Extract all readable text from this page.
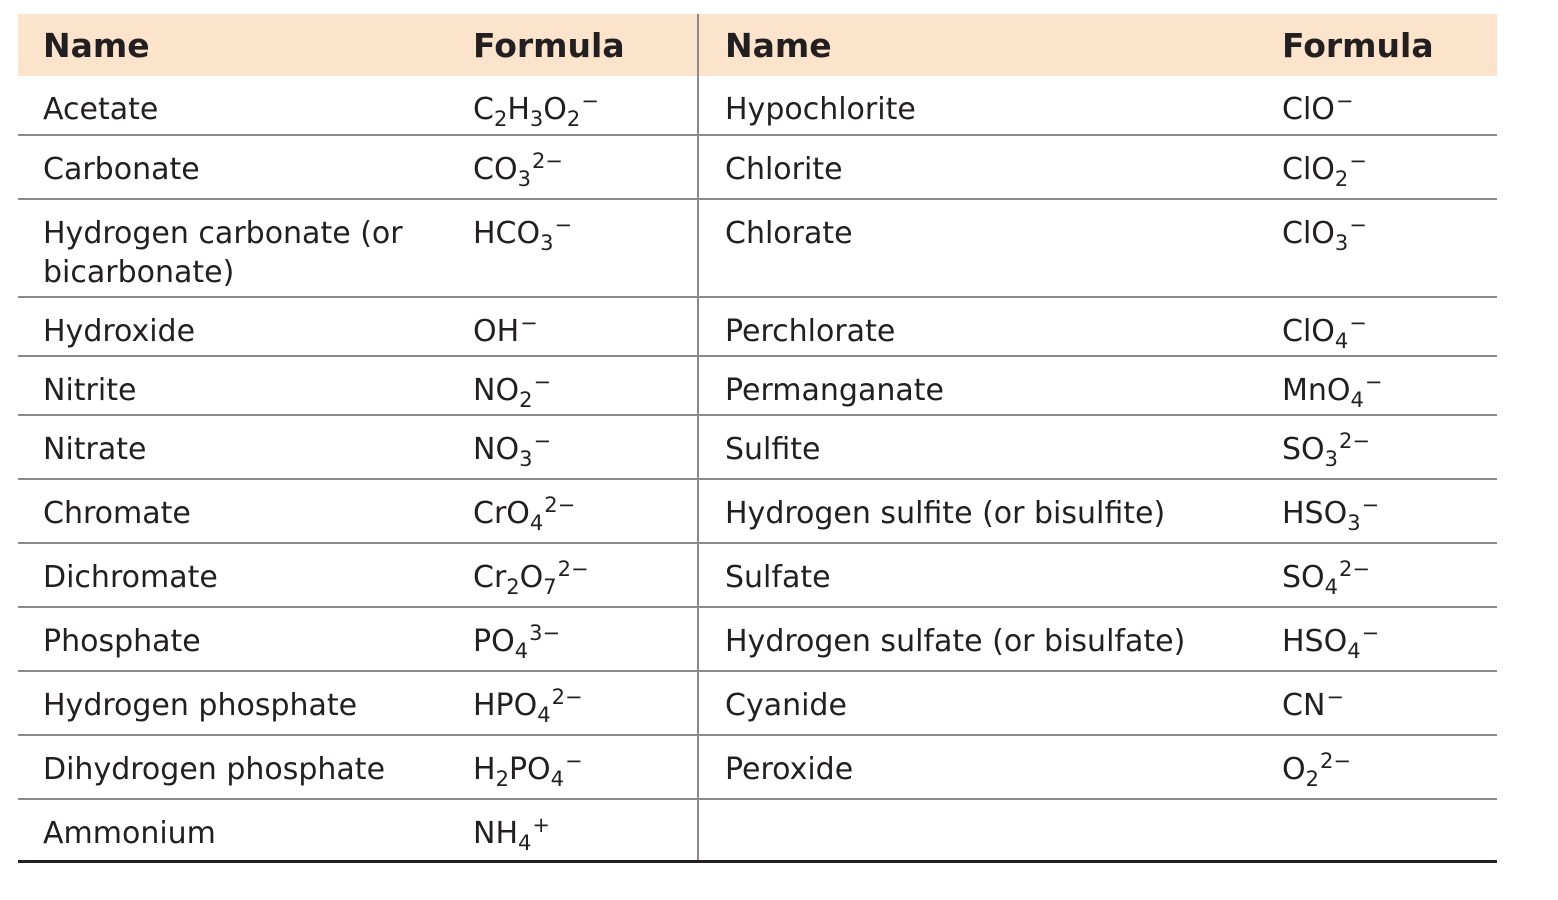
Name	Formula	Name	Formula
Acetate	$C_2H_3O_2^-$	Hypochlorite	ClO−
Carbonate	$CO_3^{2-}$	Chlorite	ClO$_2$−
Hydrogen carbonate (or bicarbonate)	$HCO_3^-$	Chlorate	ClO$_3$−
Hydroxide	OH−	Perchlorate	ClO$_4$−
Nitrite	$NO_2^-$	Permanganate	MnO$_4$−
Nitrate	$NO_3^-$	Sulfite	$SO_3^{2-}$
Chromate	CrO$_4^{2-}$	Hydrogen sulfite (or bisulfite)	$HSO_3^-$
Dichromate	$Cr_2O_7^{2-}$	Sulfate	$SO_4^{2-}$
Phosphate	$PO_4^{3-}$	Hydrogen sulfate (or bisulfate)	$HSO_4^-$
Hydrogen phosphate	$HPO_4^{2-}$	Cyanide	CN−
Dihydrogen phosphate	$H_2PO_4^-$	Peroxide	$O_2^{2-}$
Ammonium	$NH_4^+$		
